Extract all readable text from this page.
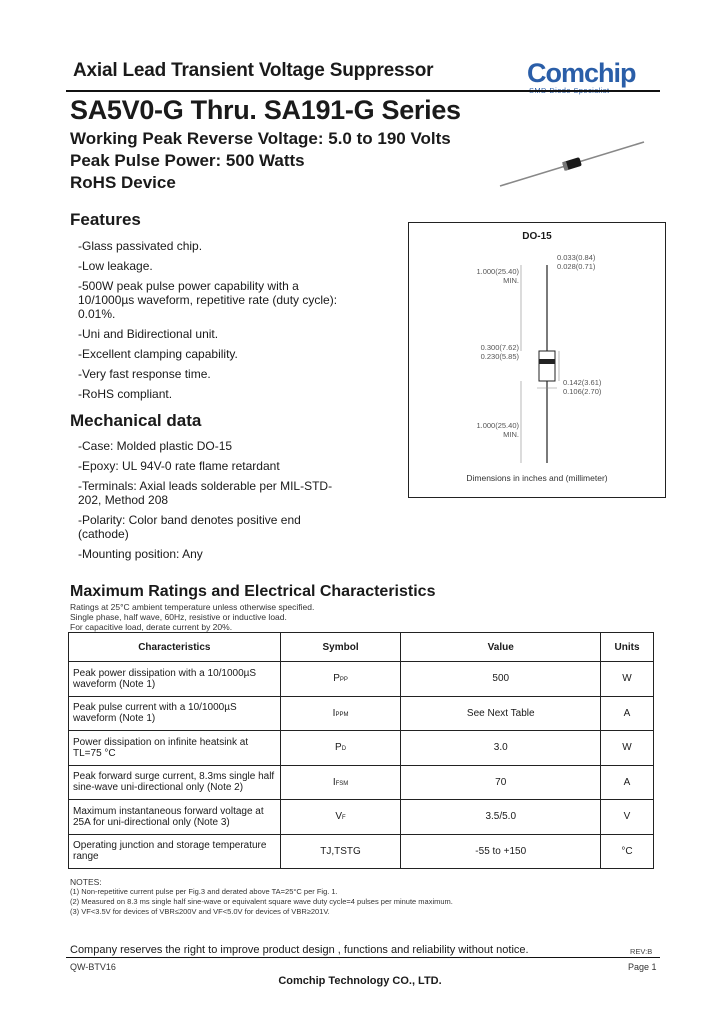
Axial Lead Transient Voltage Suppressor	Comchip
SA5V0-G Thru. SA191-G Series
Working Peak Reverse Voltage: 5.0 to 190 Volts
Peak Pulse Power: 500 Watts
RoHS Device
Features
-Glass passivated chip.
-Low leakage.
-500W peak pulse power capability with a 10/1000µs waveform, repetitive rate (duty cycle): 0.01%.
-Uni and Bidirectional unit.
-Excellent clamping capability.
-Very fast response time.
-RoHS compliant.
Mechanical data
-Case: Molded plastic DO-15
-Epoxy: UL 94V-0 rate flame retardant
-Terminals: Axial leads solderable per MIL-STD-202, Method 208
-Polarity: Color band denotes positive end (cathode)
-Mounting position: Any
DO-15
1.000(25.40)
MIN.
0.033(0.84)
0.028(0.71)
0.300(7.62)
0.230(5.85)
0.142(3.61)
0.106(2.70)
1.000(25.40)
MIN.
Dimensions in inches and (millimeter)
Maximum Ratings and Electrical Characteristics
Ratings at 25°C ambient temperature unless otherwise specified.
Single phase, half wave, 60Hz, resistive or inductive load.
For capacitive load, derate current by 20%.
Characteristics	Symbol	Value	Units
Peak power dissipation with a 10/1000µS waveform (Note 1)	PPP	500	W
Peak pulse current with a 10/1000µS waveform (Note 1)	IPPM	See Next Table	A
Power dissipation on infinite heatsink at TL=75 °C	PD	3.0	W
Peak forward surge current, 8.3ms single half sine-wave uni-directional only (Note 2)	IFSM	70	A
Maximum instantaneous forward voltage at 25A for uni-directional only (Note 3)	VF	3.5/5.0	V
Operating junction and storage temperature range	TJ,TSTG	-55 to +150	°C
NOTES:
(1) Non-repetitive current pulse per Fig.3 and derated above TA=25°C per Fig. 1.
(2) Measured on 8.3 ms single half sine-wave or equivalent square wave duty cycle=4 pulses per minute maximum.
(3) VF<3.5V for devices of VBR≤200V and VF<5.0V for devices of VBR≥201V.
Company reserves the right to improve product design , functions and reliability without notice.	REV:B
QW-BTV16	Page 1
Comchip Technology CO., LTD.
